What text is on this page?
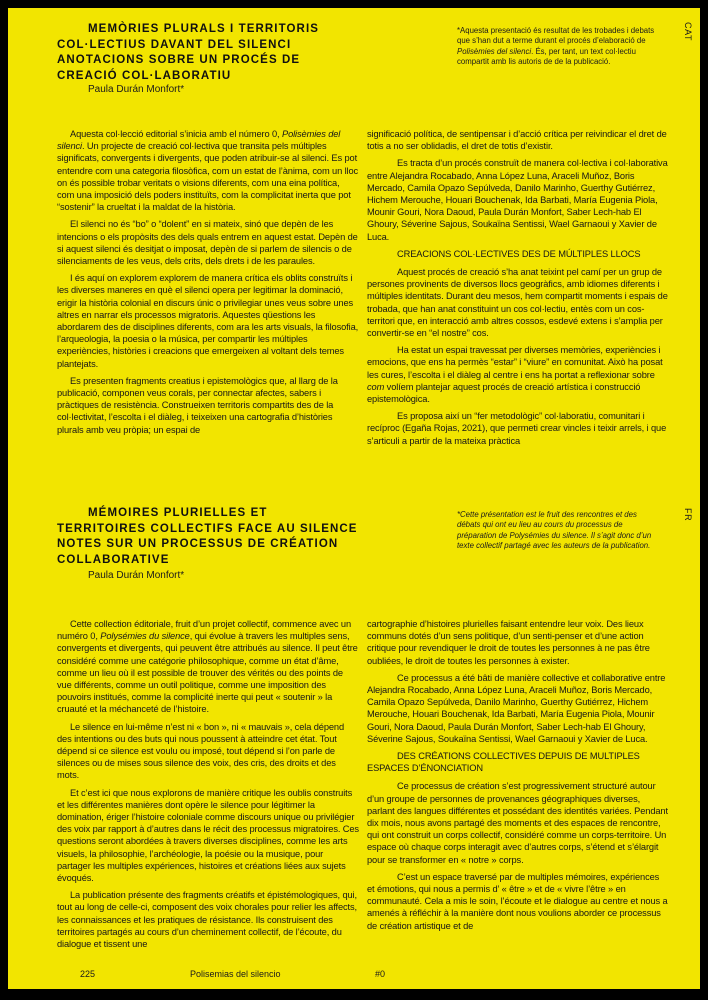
MEMÒRIES PLURALS I TERRITORIS
COL·LECTIUS DAVANT DEL SILENCI
ANOTACIONS SOBRE UN PROCÉS DE
CREACIÓ COL·LABORATIU
Paula Durán Monfort*
*Aquesta presentació és resultat de les trobades i debats que s’han dut a terme durant el procés d’elaboració de Polisèmies del silenci. És, per tant, un text col·lectiu compartit amb lis autoris de de la publicació.
CAT

Aquesta col·lecció editorial s’inicia amb el número 0, Polisèmies del silenci. Un projecte de creació col·lectiva que transita pels múltiples significats, convergents i divergents, que poden atribuir-se al silenci. Es pot entendre com una categoria filosòfica, com un estat de l’ànima, com un lloc on és possible trobar veritats o visions diferents, com una eina política, com una imposició dels poders instituïts, com la complicitat inerta que pot “sostenir” la crueltat i la maldat de la història.

El silenci no és “bo” o “dolent” en si mateix, sinó que depèn de les intencions o els propòsits des dels quals entrem en aquest estat. Depèn de si aquest silenci és desitjat o imposat, depèn de si parlem de silencis o de silenciaments de les veus, dels crits, dels drets i de les paraules.

I és aquí on explorem explorem de manera crítica els oblits construïts i les diverses maneres en què el silenci opera per legitimar la dominació, erigir la història colonial en discurs únic o privilegiar unes veus sobre unes altres en narrar els processos migratoris. Aquestes qüestions les abordarem des de disciplines diferents, com ara les arts visuals, la filosofia, l’arqueologia, la poesia o la música, per compartir les múltiples experiències, històries i creacions que emergeixen al voltant dels temes plantejats.

Es presenten fragments creatius i epistemològics que, al llarg de la publicació, componen veus corals, per connectar afectes, sabers i pràctiques de resistència. Construeixen territoris compartits des de la col·lectivitat, l’escolta i el diàleg, i teixeixen una cartografia d’històries plurals amb veu pròpia; un espai de

significació política, de sentipensar i d’acció crítica per reivindicar el dret de totis a no ser oblidadis, el dret de totis d’existir.

Es tracta d’un procés construït de manera col·lectiva i col·laborativa entre Alejandra Rocabado, Anna López Luna, Araceli Muñoz, Boris Mercado, Camila Opazo Sepúlveda, Danilo Marinho, Guerthy Gutiérrez, Hichem Merouche, Houari Bouchenak, Ida Barbati, María Eugenia Piola, Mounir Gouri, Nora Daoud, Paula Durán Monfort, Saber Lech-hab El Ghoury, Séverine Sajous, Soukaïna Sentissi, Wael Garnaoui y Xavier de Luca.

CREACIONS COL·LECTIVES DES DE MÚLTIPLES LLOCS

Aquest procés de creació s’ha anat teixint pel camí per un grup de persones provinents de diversos llocs geogràfics, amb idiomes diferents i múltiples identitats. Durant deu mesos, hem compartit moments i espais de trobada, que han anat constituint un cos col·lectiu, entès com un cos-territori que, en interacció amb altres cossos, esdevé extens i s’amplia per convertir-se en “el nostre” cos.

Ha estat un espai travessat per diverses memòries, experiències i emocions, que ens ha permès “estar” i “viure” en comunitat. Això ha posat les cures, l’escolta i el diàleg al centre i ens ha portat a reflexionar sobre com volíem plantejar aquest procés de creació artística i construcció epistemològica.

Es proposa així un “fer metodològic” col·laboratiu, comunitari i recíproc (Egaña Rojas, 2021), que permeti crear vincles i teixir arrels, i que s’articuli a partir de la mateixa pràctica

MÉMOIRES PLURIELLES ET
TERRITOIRES COLLECTIFS FACE AU SILENCE
NOTES SUR UN PROCESSUS DE CRÉATION
COLLABORATIVE
Paula Durán Monfort*
*Cette présentation est le fruit des rencontres et des débats qui ont eu lieu au cours du processus de préparation de Polysémies du silence. Il s’agit donc d’un texte collectif partagé avec les auteurs de la publication.
FR

Cette collection éditoriale, fruit d’un projet collectif, commence avec un numéro 0, Polysémies du silence, qui évolue à travers les multiples sens, convergents et divergents, qui peuvent être attribués au silence. Il peut être considéré comme une catégorie philosophique, comme un état d’âme, comme un lieu où il est possible de trouver des vérités ou des points de vue différents, comme un outil politique, comme une imposition des pouvoirs institués, comme la complicité inerte qui peut « soutenir » la cruauté et la méchanceté de l’histoire.

Le silence en lui-même n’est ni « bon », ni « mauvais », cela dépend des intentions ou des buts qui nous poussent à atteindre cet état. Tout dépend si ce silence est voulu ou imposé, tout dépend si l’on parle de silences ou de mises sous silence des voix, des cris, des droits et des mots.

Et c’est ici que nous explorons de manière critique les oublis construits et les différentes manières dont opère le silence pour légitimer la domination, ériger l’histoire coloniale comme discours unique ou privilégier des voix par rapport à d’autres dans le récit des processus migratoires. Ces questions seront abordées à travers diverses disciplines, comme les arts visuels, la philosophie, l’archéologie, la poésie ou la musique, pour partager les multiples expériences, histoires et créations liées aux sujets évoqués.

La publication présente des fragments créatifs et épistémologiques, qui, tout au long de celle-ci, composent des voix chorales pour relier les affects, les connaissances et les pratiques de résistance. Ils construisent des territoires partagés au cours d’un cheminement collectif, de l’écoute, du dialogue et tissent une

cartographie d’histoires plurielles faisant entendre leur voix. Des lieux communs dotés d’un sens politique, d’un senti-penser et d’une action critique pour revendiquer le droit de toutes les personnes à ne pas être oubliées, le droit de toutes les personnes à exister.

Ce processus a été bâti de manière collective et collaborative entre Alejandra Rocabado, Anna López Luna, Araceli Muñoz, Boris Mercado, Camila Opazo Sepúlveda, Danilo Marinho, Guerthy Gutiérrez, Hichem Merouche, Houari Bouchenak, Ida Barbati, María Eugenia Piola, Mounir Gouri, Nora Daoud, Paula Durán Monfort, Saber Lech-hab El Ghoury, Séverine Sajous, Soukaïna Sentissi, Wael Garnaoui y Xavier de Luca.

DES CRÉATIONS COLLECTIVES DEPUIS DE MULTIPLES ESPACES D’ÉNONCIATION

Ce processus de création s’est progressivement structuré autour d’un groupe de personnes de provenances géographiques diverses, parlant des langues différentes et possédant des identités variées. Pendant dix mois, nous avons partagé des moments et des espaces de rencontre, qui ont construit un corps collectif, considéré comme un corps-territoire. Un espace où chaque corps interagit avec d’autres corps, s’étend et s’élargit pour se transformer en « notre » corps.

C’est un espace traversé par de multiples mémoires, expériences et émotions, qui nous a permis d’ « être » et de « vivre l’être » en communauté. Cela a mis le soin, l’écoute et le dialogue au centre et nous a amenés à réfléchir à la manière dont nous voulions aborder ce processus de création artistique et de

225	Polisemias del silencio	#0
